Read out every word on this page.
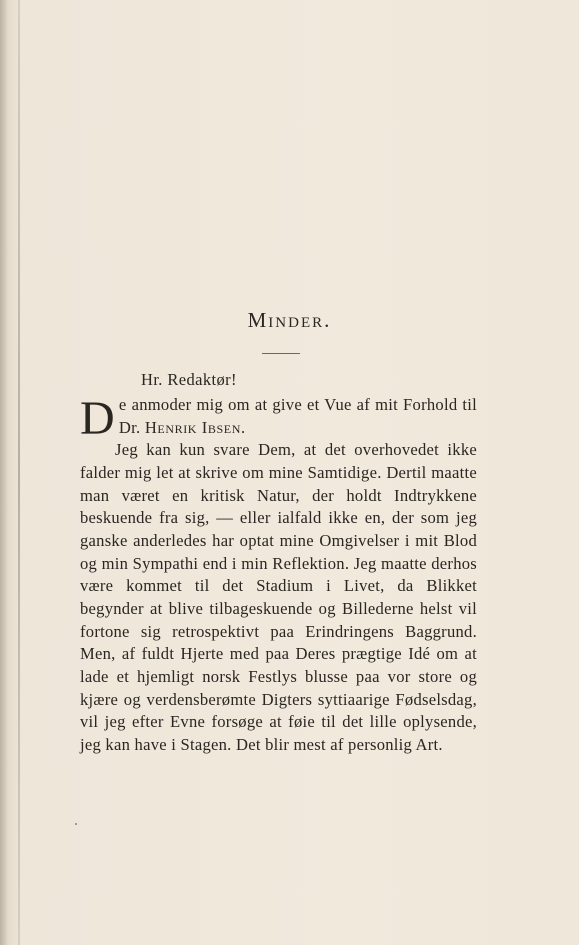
Minder.
Hr. Redaktør!

De anmoder mig om at give et Vue af mit Forhold til Dr. Henrik Ibsen.

Jeg kan kun svare Dem, at det overhovedet ikke falder mig let at skrive om mine Samtidige. Dertil maatte man været en kritisk Natur, der holdt Indtrykkene beskuende fra sig, — eller ialfald ikke en, der som jeg ganske anderledes har optat mine Omgivelser i mit Blod og min Sympathi end i min Reflektion. Jeg maatte derhos være kommet til det Stadium i Livet, da Blikket begynder at blive tilbageskuende og Billederne helst vil fortone sig retrospektivt paa Erindringens Baggrund. Men, af fuldt Hjerte med paa Deres prægtige Idé om at lade et hjemligt norsk Festlys blusse paa vor store og kjære og verdensberømte Digters syttiaarige Fødselsdag, vil jeg efter Evne forsøge at føie til det lille oplysende, jeg kan have i Stagen. Det blir mest af personlig Art.
